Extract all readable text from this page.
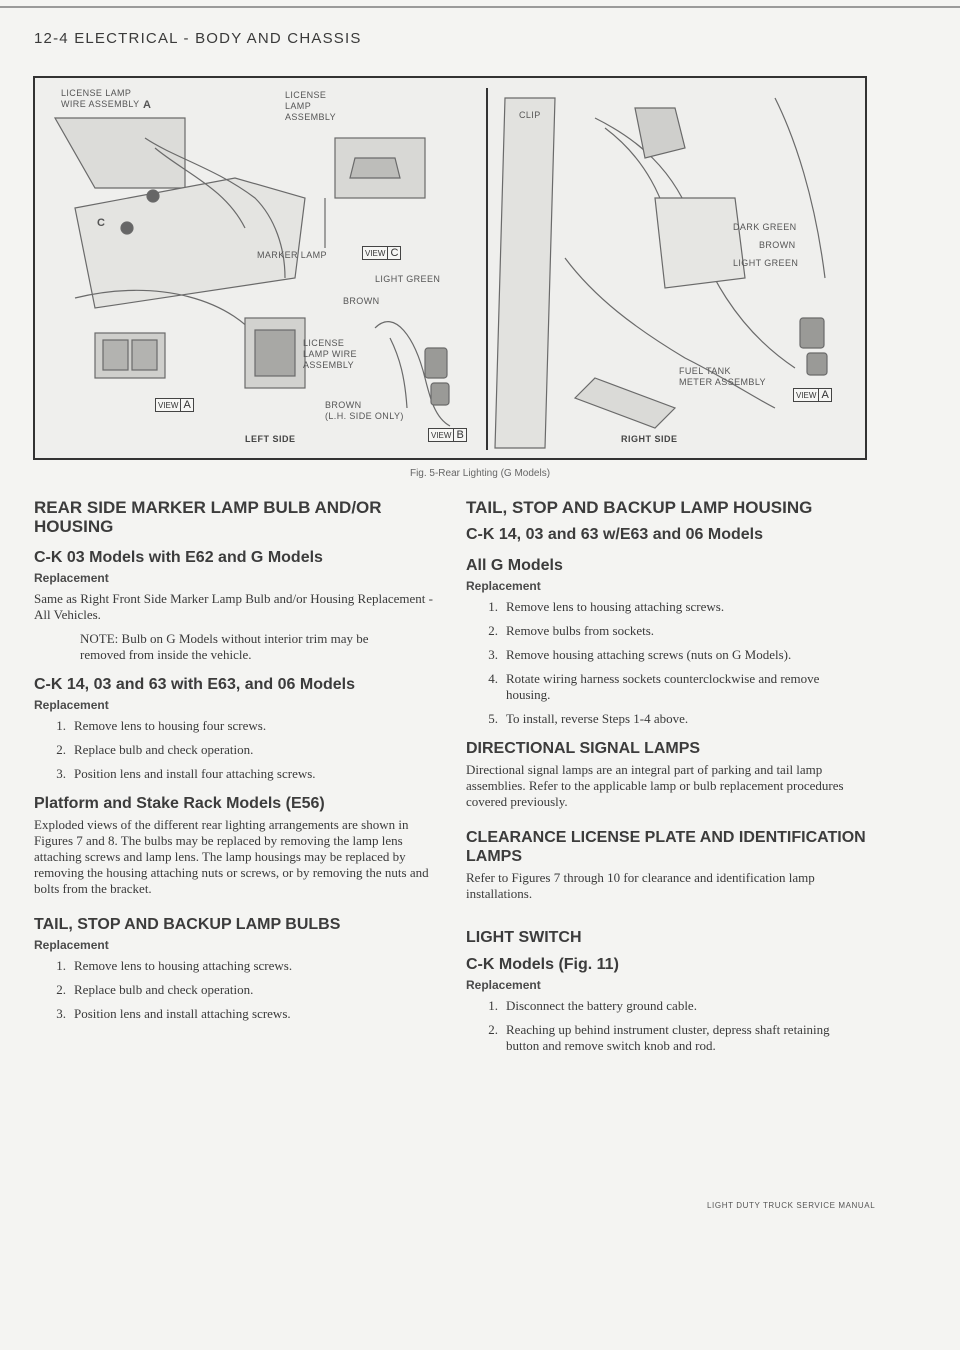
12-4 ELECTRICAL - BODY AND CHASSIS
LICENSE LAMP
WIRE ASSEMBLY
LICENSE
LAMP
ASSEMBLY
MARKER LAMP
LIGHT GREEN
BROWN
LICENSE
LAMP WIRE
ASSEMBLY
BROWN
(L.H. SIDE ONLY)
LEFT SIDE
VIEW C
VIEW A
VIEW B
VIEW A
A
C
CLIP
DARK GREEN
BROWN
LIGHT GREEN
FUEL TANK
METER ASSEMBLY
RIGHT SIDE
Fig. 5-Rear Lighting (G Models)
REAR SIDE MARKER LAMP BULB AND/OR HOUSING
C-K 03 Models with E62 and G Models
Replacement

Same as Right Front Side Marker Lamp Bulb and/or Housing Replacement - All Vehicles.

NOTE: Bulb on G Models without interior trim may be removed from inside the vehicle.

C-K 14, 03 and 63 with E63, and 06 Models
Replacement
1. Remove lens to housing four screws.
2. Replace bulb and check operation.
3. Position lens and install four attaching screws.
Platform and Stake Rack Models (E56)

Exploded views of the different rear lighting arrangements are shown in Figures 7 and 8. The bulbs may be replaced by removing the lamp lens attaching screws and lamp lens. The lamp housings may be replaced by removing the housing attaching nuts or screws, or by removing the nuts and bolts from the bracket.

TAIL, STOP AND BACKUP LAMP BULBS
Replacement
1. Remove lens to housing attaching screws.
2. Replace bulb and check operation.
3. Position lens and install attaching screws.
TAIL, STOP AND BACKUP LAMP HOUSING
C-K 14, 03 and 63 w/E63 and 06 Models
All G Models
Replacement
1. Remove lens to housing attaching screws.
2. Remove bulbs from sockets.
3. Remove housing attaching screws (nuts on G Models).
4. Rotate wiring harness sockets counterclockwise and remove housing.
5. To install, reverse Steps 1-4 above.
DIRECTIONAL SIGNAL LAMPS

Directional signal lamps are an integral part of parking and tail lamp assemblies. Refer to the applicable lamp or bulb replacement procedures covered previously.

CLEARANCE LICENSE PLATE AND IDENTIFICATION LAMPS

Refer to Figures 7 through 10 for clearance and identification lamp installations.

LIGHT SWITCH
C-K Models (Fig. 11)
Replacement
1. Disconnect the battery ground cable.
2. Reaching up behind instrument cluster, depress shaft retaining button and remove switch knob and rod.
LIGHT DUTY TRUCK SERVICE MANUAL
